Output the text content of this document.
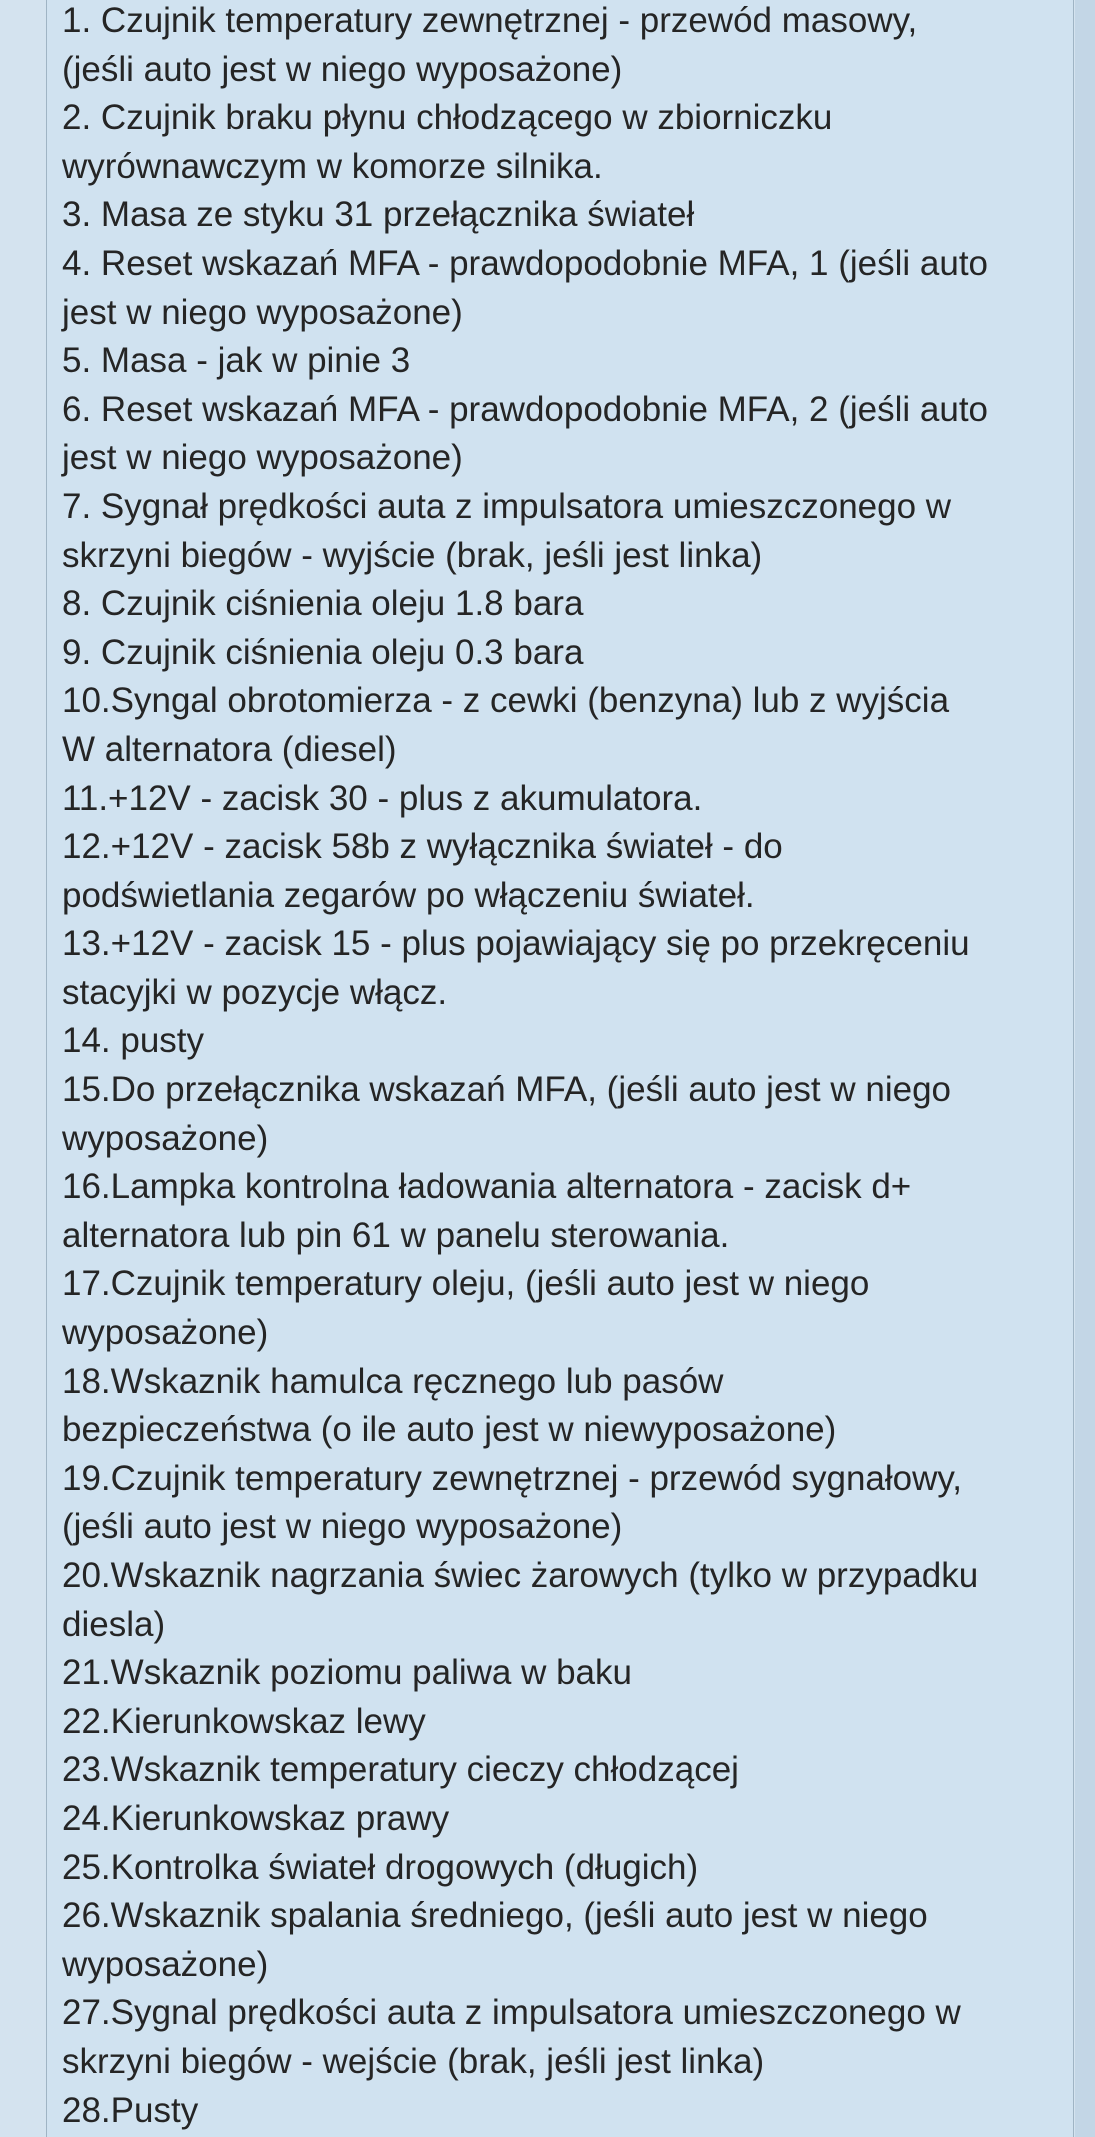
1. Czujnik temperatury zewnętrznej - przewód masowy,
(jeśli auto jest w niego wyposażone)
2. Czujnik braku płynu chłodzącego w zbiorniczku
wyrównawczym w komorze silnika.
3. Masa ze styku 31 przełącznika świateł
4. Reset wskazań MFA - prawdopodobnie MFA, 1 (jeśli auto
jest w niego wyposażone)
5. Masa - jak w pinie 3
6. Reset wskazań MFA - prawdopodobnie MFA, 2 (jeśli auto
jest w niego wyposażone)
7. Sygnał prędkości auta z impulsatora umieszczonego w
skrzyni biegów - wyjście (brak, jeśli jest linka)
8. Czujnik ciśnienia oleju 1.8 bara
9. Czujnik ciśnienia oleju 0.3 bara
10.Syngal obrotomierza - z cewki (benzyna) lub z wyjścia
W alternatora (diesel)
11.+12V - zacisk 30 - plus z akumulatora.
12.+12V - zacisk 58b z wyłącznika świateł - do
podświetlania zegarów po włączeniu świateł.
13.+12V - zacisk 15 - plus pojawiający się po przekręceniu
stacyjki w pozycje włącz.
14. pusty
15.Do przełącznika wskazań MFA, (jeśli auto jest w niego
wyposażone)
16.Lampka kontrolna ładowania alternatora - zacisk d+
alternatora lub pin 61 w panelu sterowania.
17.Czujnik temperatury oleju, (jeśli auto jest w niego
wyposażone)
18.Wskaznik hamulca ręcznego lub pasów
bezpieczeństwa (o ile auto jest w niewyposażone)
19.Czujnik temperatury zewnętrznej - przewód sygnałowy,
(jeśli auto jest w niego wyposażone)
20.Wskaznik nagrzania świec żarowych (tylko w przypadku
diesla)
21.Wskaznik poziomu paliwa w baku
22.Kierunkowskaz lewy
23.Wskaznik temperatury cieczy chłodzącej
24.Kierunkowskaz prawy
25.Kontrolka świateł drogowych (długich)
26.Wskaznik spalania średniego, (jeśli auto jest w niego
wyposażone)
27.Sygnal prędkości auta z impulsatora umieszczonego w
skrzyni biegów - wejście (brak, jeśli jest linka)
28.Pusty
